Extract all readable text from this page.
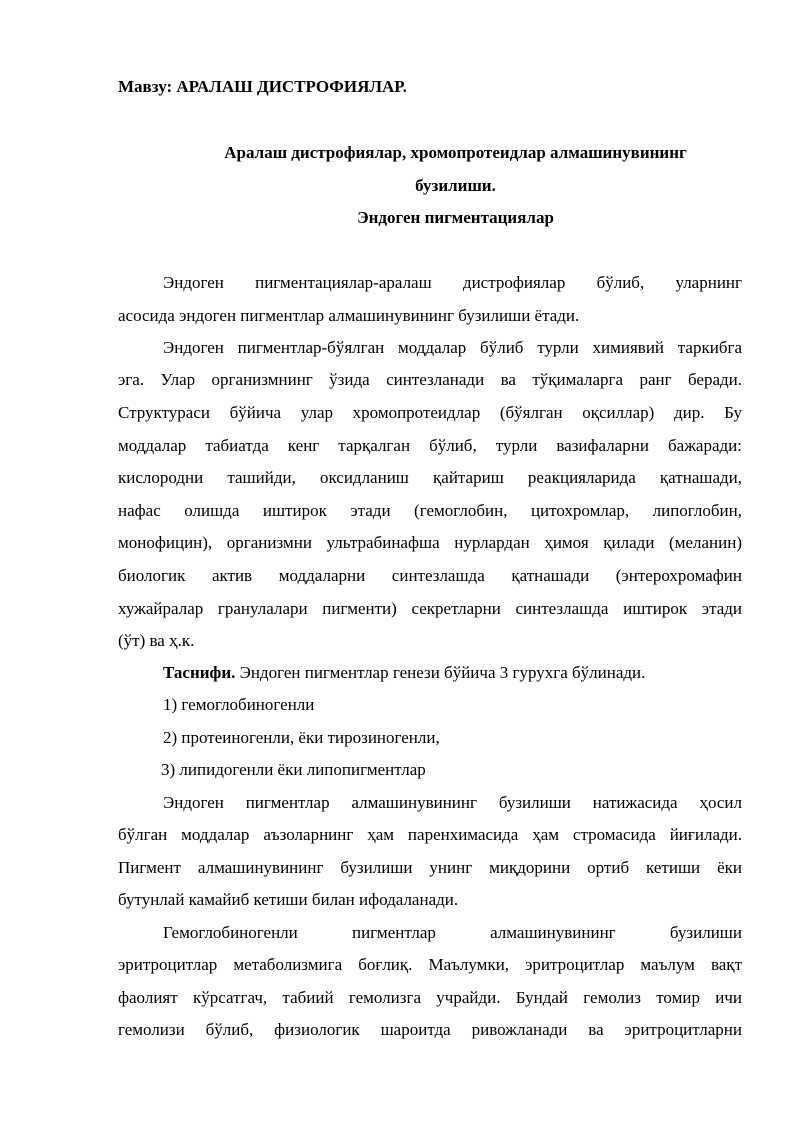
Мавзу: АРАЛАШ ДИСТРОФИЯЛАР.
Аралаш дистрофиялар, хромопротеидлар алмашинувининг
бузилиши.
Эндоген пигментациялар
Эндоген пигментациялар-аралаш дистрофиялар бўлиб, уларнинг
асосида эндоген пигментлар алмашинувининг бузилиши ётади.
Эндоген пигментлар-бўялган моддалар бўлиб турли химиявий таркибга
эга. Улар организмнинг ўзида синтезланади ва тўқималарга ранг беради.
Структураси бўйича улар хромопротеидлар (бўялган оқсиллар) дир. Бу
моддалар табиатда кенг тарқалган бўлиб, турли вазифаларни бажаради:
кислородни ташийди, оксидланиш қайтариш реакцияларида қатнашади,
нафас олишда иштирок этади (гемоглобин, цитохромлар, липоглобин,
монофицин), организмни ультрабинафша нурлардан ҳимоя қилади (меланин)
биологик актив моддаларни синтезлашда қатнашади (энтерохромафин
хужайралар гранулалари пигменти) секретларни синтезлашда иштирок этади
(ўт) ва ҳ.к.
Таснифи. Эндоген пигментлар генези бўйича 3 гурухга бўлинади.
1) гемоглобиногенли
2) протеиногенли, ёки тирозиногенли,
3) липидогенли ёки липопигментлар
Эндоген пигментлар алмашинувининг бузилиши натижасида ҳосил
бўлган моддалар аъзоларнинг ҳам паренхимасида ҳам стромасида йиғилади.
Пигмент алмашинувининг бузилиши унинг миқдорини ортиб кетиши ёки
бутунлай камайиб кетиши билан ифодаланади.
Гемоглобиногенли пигментлар алмашинувининг бузилиши
эритроцитлар метаболизмига боғлиқ. Маълумки, эритроцитлар маълум вақт
фаолият кўрсатгач, табиий гемолизга учрайди. Бундай гемолиз томир ичи
гемолизи бўлиб, физиологик шароитда ривожланади ва эритроцитларни
